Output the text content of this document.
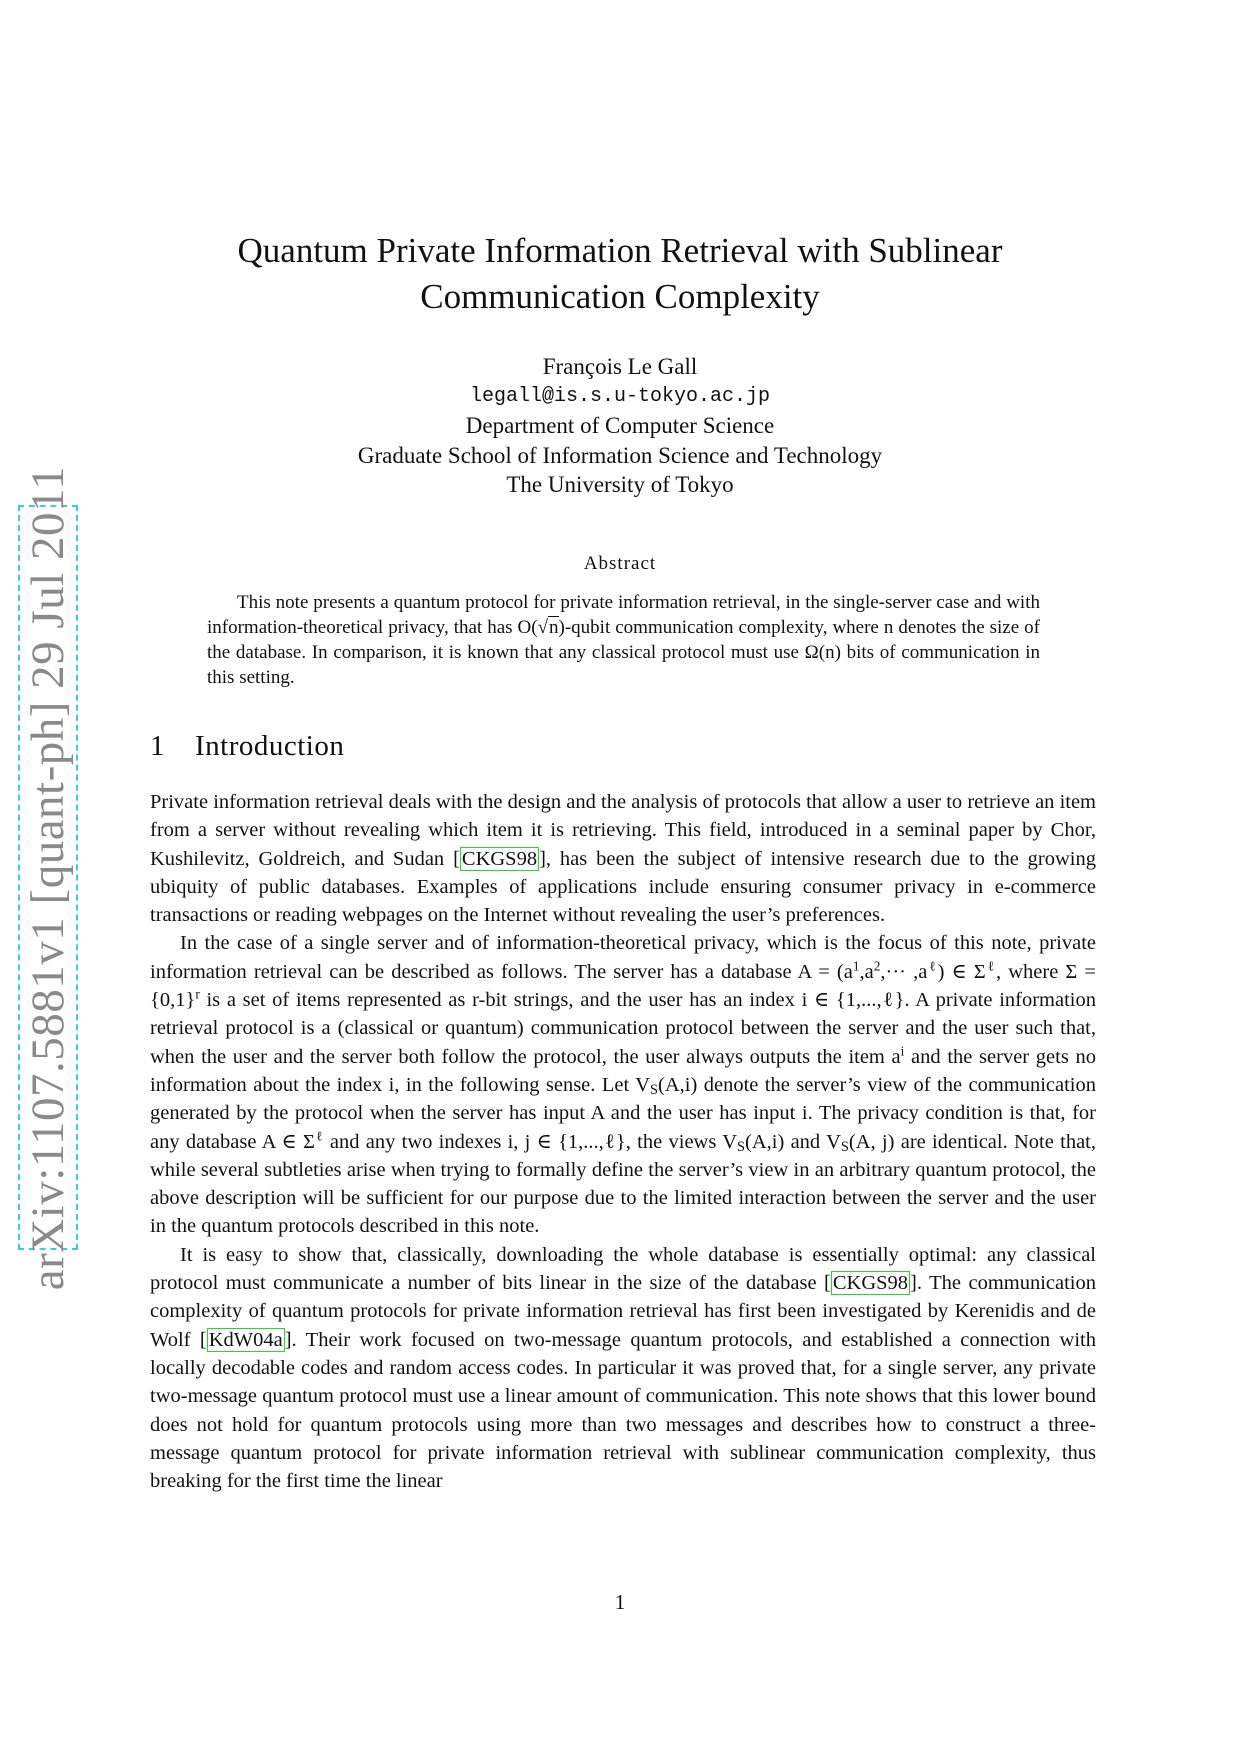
arXiv:1107.5881v1 [quant-ph] 29 Jul 2011
Quantum Private Information Retrieval with Sublinear
Communication Complexity
François Le Gall
legall@is.s.u-tokyo.ac.jp
Department of Computer Science
Graduate School of Information Science and Technology
The University of Tokyo
Abstract
This note presents a quantum protocol for private information retrieval, in the single-server case and with information-theoretical privacy, that has O(√n)-qubit communication complexity, where n denotes the size of the database. In comparison, it is known that any classical protocol must use Ω(n) bits of communication in this setting.
1 Introduction

Private information retrieval deals with the design and the analysis of protocols that allow a user to retrieve an item from a server without revealing which item it is retrieving. This field, introduced in a seminal paper by Chor, Kushilevitz, Goldreich, and Sudan [CKGS98], has been the subject of intensive research due to the growing ubiquity of public databases. Examples of applications include ensuring consumer privacy in e-commerce transactions or reading webpages on the Internet without revealing the user’s preferences.

In the case of a single server and of information-theoretical privacy, which is the focus of this note, private information retrieval can be described as follows. The server has a database $A = (a^1,a^2,\cdot\cdot\cdot ,a^\ell)$ ∈ $\Sigma^\ell$, where $\Sigma = \{0,1\}^r$ is a set of items represented as r-bit strings, and the user has an index i ∈ {1,...,ℓ}. A private information retrieval protocol is a (classical or quantum) communication protocol between the server and the user such that, when the user and the server both follow the protocol, the user always outputs the item $a^i$ and the server gets no information about the index i, in the following sense. Let $V_S(A,i)$ denote the server’s view of the communication generated by the protocol when the server has input A and the user has input i. The privacy condition is that, for any database A ∈ $\Sigma^\ell$ and any two indexes i, j ∈ {1,...,ℓ}, the views $V_S(A,i)$ and $V_S(A$, j) are identical. Note that, while several subtleties arise when trying to formally define the server’s view in an arbitrary quantum protocol, the above description will be sufficient for our purpose due to the limited interaction between the server and the user in the quantum protocols described in this note.

It is easy to show that, classically, downloading the whole database is essentially optimal: any classical protocol must communicate a number of bits linear in the size of the database [CKGS98]. The communication complexity of quantum protocols for private information retrieval has first been investigated by Kerenidis and de Wolf [KdW04a]. Their work focused on two-message quantum protocols, and established a connection with locally decodable codes and random access codes. In particular it was proved that, for a single server, any private two-message quantum protocol must use a linear amount of communication. This note shows that this lower bound does not hold for quantum protocols using more than two messages and describes how to construct a three-message quantum protocol for private information retrieval with sublinear communication complexity, thus breaking for the first time the linear

1
